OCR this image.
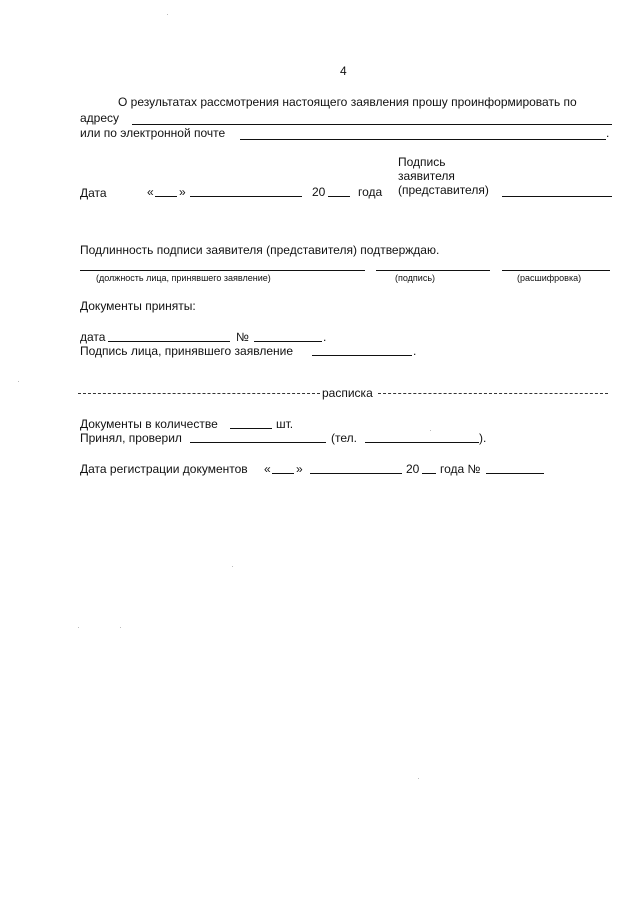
4
О результатах рассмотрения настоящего заявления прошу проинформировать по
адресу
или по электронной почте	.
Подпись
заявителя
(представителя)
Дата	« »	20	года
Подлинность подписи заявителя (представителя) подтверждаю.
(должность лица, принявшего заявление)	(подпись)	(расшифровка)
Документы приняты:
дата	№	.
Подпись лица, принявшего заявление	.
расписка
Документы в количестве	шт.
Принял, проверил	(тел.	).
Дата регистрации документов « »	20 года №
